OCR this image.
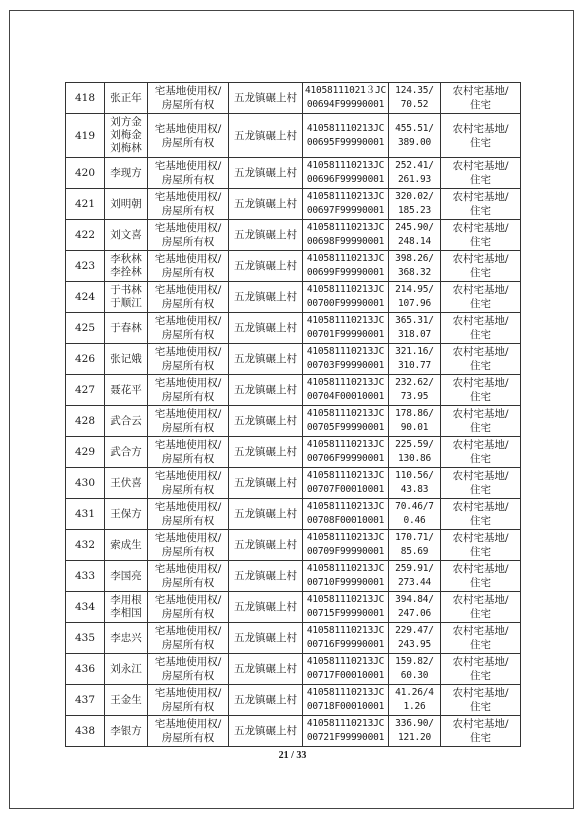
418	张正年	宅基地使用权/
房屋所有权	五龙镇碾上村	41058111021３JC
00694F99990001	124.35/
70.52	农村宅基地/
住宅

419	刘方金
刘梅金
刘梅林	宅基地使用权/
房屋所有权	五龙镇碾上村	410581110213JC
00695F99990001	455.51/
389.00	农村宅基地/
住宅

420	李现方	宅基地使用权/
房屋所有权	五龙镇碾上村	410581110213JC
00696F99990001	252.41/
261.93	农村宅基地/
住宅

421	刘明朝	宅基地使用权/
房屋所有权	五龙镇碾上村	410581110213JC
00697F99990001	320.02/
185.23	农村宅基地/
住宅

422	刘文喜	宅基地使用权/
房屋所有权	五龙镇碾上村	410581110213JC
00698F99990001	245.90/
248.14	农村宅基地/
住宅

423	李秋林
李拴林	宅基地使用权/
房屋所有权	五龙镇碾上村	410581110213JC
00699F99990001	398.26/
368.32	农村宅基地/
住宅

424	于书林
于顺江	宅基地使用权/
房屋所有权	五龙镇碾上村	410581110213JC
00700F99990001	214.95/
107.96	农村宅基地/
住宅

425	于春林	宅基地使用权/
房屋所有权	五龙镇碾上村	410581110213JC
00701F99990001	365.31/
318.07	农村宅基地/
住宅

426	张记娥	宅基地使用权/
房屋所有权	五龙镇碾上村	410581110213JC
00703F99990001	321.16/
310.77	农村宅基地/
住宅

427	聂花平	宅基地使用权/
房屋所有权	五龙镇碾上村	410581110213JC
00704F00010001	232.62/
73.95	农村宅基地/
住宅

428	武合云	宅基地使用权/
房屋所有权	五龙镇碾上村	410581110213JC
00705F99990001	178.86/
90.01	农村宅基地/
住宅

429	武合方	宅基地使用权/
房屋所有权	五龙镇碾上村	410581110213JC
00706F99990001	225.59/
130.86	农村宅基地/
住宅

430	王伏喜	宅基地使用权/
房屋所有权	五龙镇碾上村	410581110213JC
00707F00010001	110.56/
43.83	农村宅基地/
住宅

431	王保方	宅基地使用权/
房屋所有权	五龙镇碾上村	410581110213JC
00708F00010001	70.46/7
0.46	农村宅基地/
住宅

432	索成生	宅基地使用权/
房屋所有权	五龙镇碾上村	410581110213JC
00709F99990001	170.71/
85.69	农村宅基地/
住宅

433	李国亮	宅基地使用权/
房屋所有权	五龙镇碾上村	410581110213JC
00710F99990001	259.91/
273.44	农村宅基地/
住宅

434	李用根
李相国	宅基地使用权/
房屋所有权	五龙镇碾上村	410581110213JC
00715F99990001	394.84/
247.06	农村宅基地/
住宅

435	李忠兴	宅基地使用权/
房屋所有权	五龙镇碾上村	410581110213JC
00716F99990001	229.47/
243.95	农村宅基地/
住宅

436	刘永江	宅基地使用权/
房屋所有权	五龙镇碾上村	410581110213JC
00717F00010001	159.82/
60.30	农村宅基地/
住宅

437	王金生	宅基地使用权/
房屋所有权	五龙镇碾上村	410581110213JC
00718F00010001	41.26/4
1.26	农村宅基地/
住宅

438	李银方	宅基地使用权/
房屋所有权	五龙镇碾上村	410581110213JC
00721F99990001	336.90/
121.20	农村宅基地/
住宅
21 / 33
